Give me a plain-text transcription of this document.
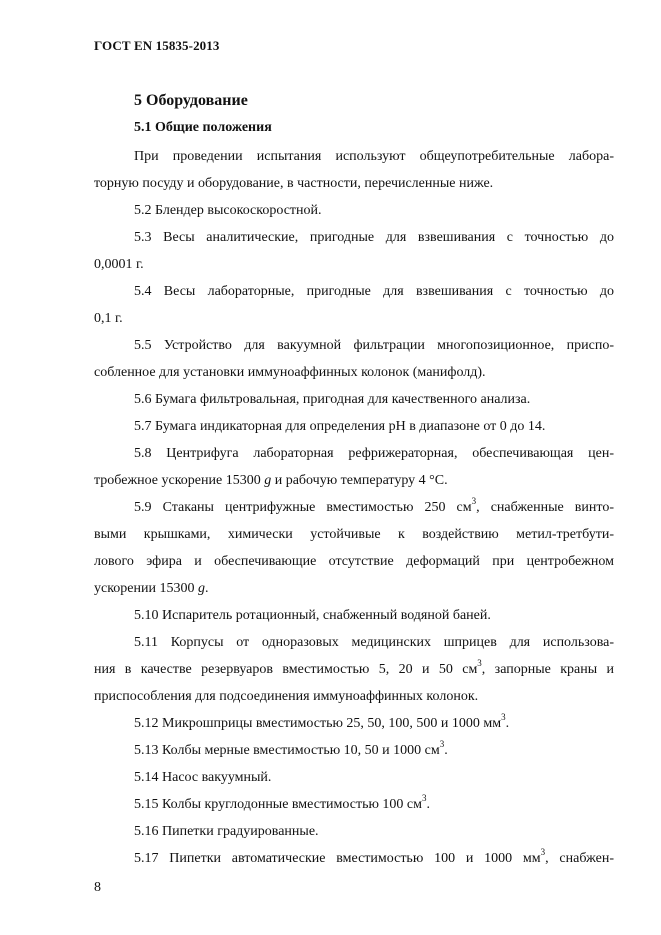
ГОСТ EN 15835-2013
5 Оборудование
5.1 Общие положения
При проведении испытания используют общеупотребительные лабора-
торную посуду и оборудование, в частности, перечисленные ниже.
5.2 Блендер высокоскоростной.
5.3 Весы аналитические, пригодные для взвешивания с точностью до
0,0001 г.
5.4 Весы лабораторные, пригодные для взвешивания с точностью до
0,1 г.
5.5 Устройство для вакуумной фильтрации многопозиционное, приспо-
собленное для установки иммуноаффинных колонок (манифолд).
5.6 Бумага фильтровальная, пригодная для качественного анализа.
5.7 Бумага индикаторная для определения рН в диапазоне от 0 до 14.
5.8 Центрифуга лабораторная рефрижераторная, обеспечивающая цен-
тробежное ускорение 15300 g и рабочую температуру 4 °С.
5.9 Стаканы центрифужные вместимостью 250 $см^3$, снабженные винто-
выми крышками, химически устойчивые к воздействию метил-третбути-
лового эфира и обеспечивающие отсутствие деформаций при центробежном
ускорении 15300 g.
5.10 Испаритель ротационный, снабженный водяной баней.
5.11 Корпусы от одноразовых медицинских шприцев для использова-
ния в качестве резервуаров вместимостью 5, 20 и 50 $см^3$, запорные краны и
приспособления для подсоединения иммуноаффинных колонок.
5.12 Микрошприцы вместимостью 25, 50, 100, 500 и 1000 $мм^3$.
5.13 Колбы мерные вместимостью 10, 50 и 1000 $см^3$.
5.14 Насос вакуумный.
5.15 Колбы круглодонные вместимостью 100 $см^3$.
5.16 Пипетки градуированные.
5.17 Пипетки автоматические вместимостью 100 и 1000 $мм^3$, снабжен-
8
